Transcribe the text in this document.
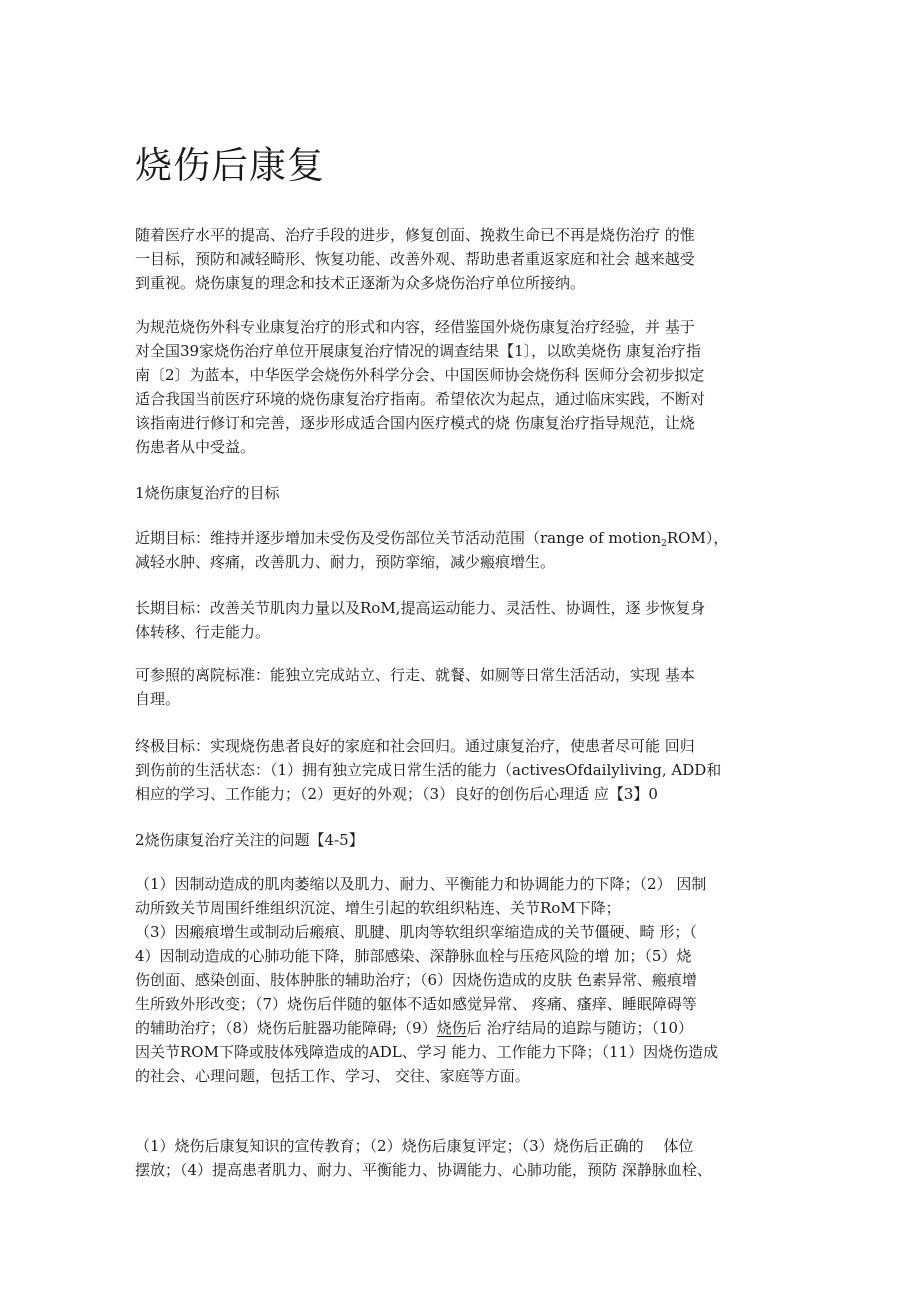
烧伤后康复

随着医疗水平的提高、治疗手段的进步，修复创面、挽救生命已不再是烧伤治疗 的惟
一目标，预防和减轻畸形、恢复功能、改善外观、帮助患者重返家庭和社会 越来越受
到重视。烧伤康复的理念和技术正逐渐为众多烧伤治疗单位所接纳。

为规范烧伤外科专业康复治疗的形式和内容，经借鉴国外烧伤康复治疗经验，并 基于
对全国39家烧伤治疗单位开展康复治疗情况的调查结果【1〕，以欧美烧伤 康复治疗指
南〔2〕为蓝本，中华医学会烧伤外科学分会、中国医师协会烧伤科 医师分会初步拟定
适合我国当前医疗环境的烧伤康复治疗指南。希望依次为起点，通过临床实践，不断对
该指南进行修订和完善，逐步形成适合国内医疗模式的烧 伤康复治疗指导规范，让烧
伤患者从中受益。

1烧伤康复治疗的目标

近期目标：维持并逐步增加未受伤及受伤部位关节活动范围（range of motion$_2$ROM），
减轻水肿、疼痛，改善肌力、耐力，预防挛缩，减少瘢痕增生。

长期目标：改善关节肌肉力量以及RoM,提高运动能力、灵活性、协调性，逐 步恢复身
体转移、行走能力。

可参照的离院标准：能独立完成站立、行走、就餐、如厕等日常生活活动，实现 基本
自理。

终极目标：实现烧伤患者良好的家庭和社会回归。通过康复治疗，使患者尽可能 回归
到伤前的生活状态：（1）拥有独立完成日常生活的能力（activesOfdailyliving, ADD和
相应的学习、工作能力；（2）更好的外观；（3）良好的创伤后心理适 应【3】0

2烧伤康复治疗关注的问题【4-5】

（1）因制动造成的肌肉萎缩以及肌力、耐力、平衡能力和协调能力的下降；（2） 因制
动所致关节周围纤维组织沉淀、增生引起的软组织粘连、关节RoM下降；
（3）因瘢痕增生或制动后瘢痕、肌腱、肌肉等软组织挛缩造成的关节僵硬、畸 形；（
4）因制动造成的心肺功能下降，肺部感染、深静脉血栓与压疮风险的增 加；（5）烧
伤创面、感染创面、肢体肿胀的辅助治疗；（6）因烧伤造成的皮肤 色素异常、瘢痕增
生所致外形改变；（7）烧伤后伴随的躯体不适如感觉异常、 疼痛、瘙痒、睡眠障碍等
的辅助治疗；（8）烧伤后脏器功能障碍;（9）烧伤后 治疗结局的追踪与随访；（10）
因关节ROM下降或肢体残障造成的ADL、学习 能力、工作能力下降；（11）因烧伤造成
的社会、心理问题，包括工作、学习、 交往、家庭等方面。

（1）烧伤后康复知识的宣传教育；（2）烧伤后康复评定；（3）烧伤后正确的　 体位
摆放；（4）提高患者肌力、耐力、平衡能力、协调能力、心肺功能，预防 深静脉血栓、
